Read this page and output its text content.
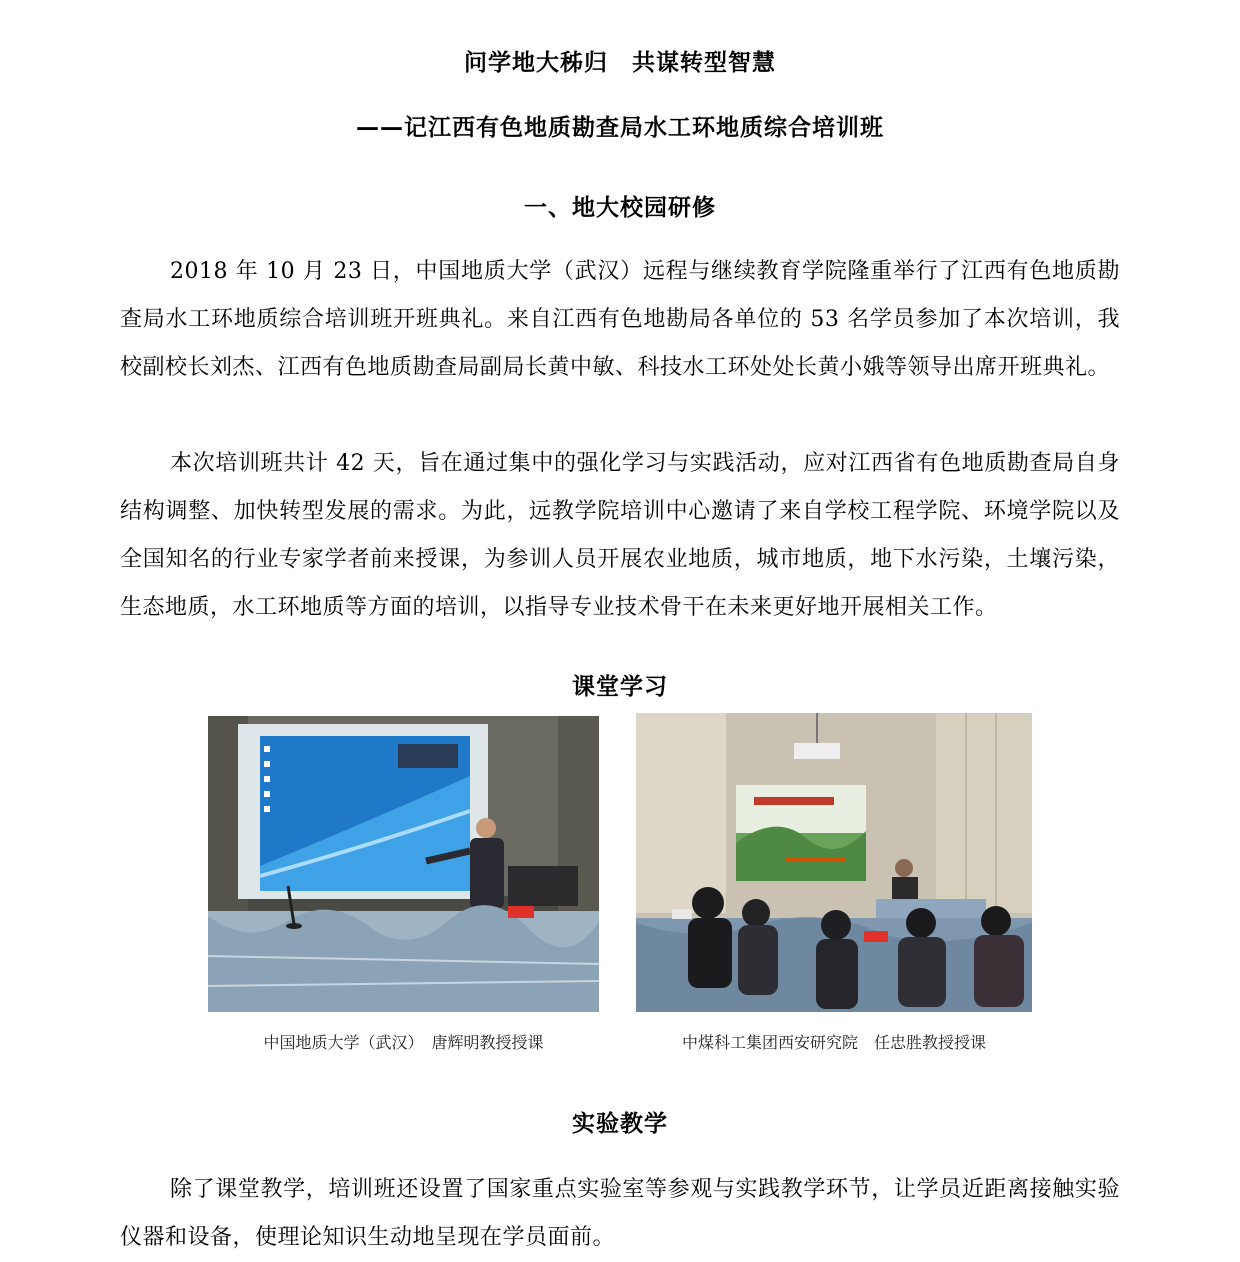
问学地大秭归　共谋转型智慧
——记江西有色地质勘查局水工环地质综合培训班
一、地大校园研修

2018 年 10 月 23 日，中国地质大学（武汉）远程与继续教育学院隆重举行了江西有色地质勘查局水工环地质综合培训班开班典礼。来自江西有色地勘局各单位的 53 名学员参加了本次培训，我校副校长刘杰、江西有色地质勘查局副局长黄中敏、科技水工环处处长黄小娥等领导出席开班典礼。

本次培训班共计 42 天，旨在通过集中的强化学习与实践活动，应对江西省有色地质勘查局自身结构调整、加快转型发展的需求。为此，远教学院培训中心邀请了来自学校工程学院、环境学院以及全国知名的行业专家学者前来授课，为参训人员开展农业地质，城市地质，地下水污染，土壤污染，生态地质，水工环地质等方面的培训，以指导专业技术骨干在未来更好地开展相关工作。

课堂学习
中国地质大学（武汉）　唐辉明教授授课	中煤科工集团西安研究院　任忠胜教授授课
实验教学

除了课堂教学，培训班还设置了国家重点实验室等参观与实践教学环节，让学员近距离接触实验仪器和设备，使理论知识生动地呈现在学员面前。
